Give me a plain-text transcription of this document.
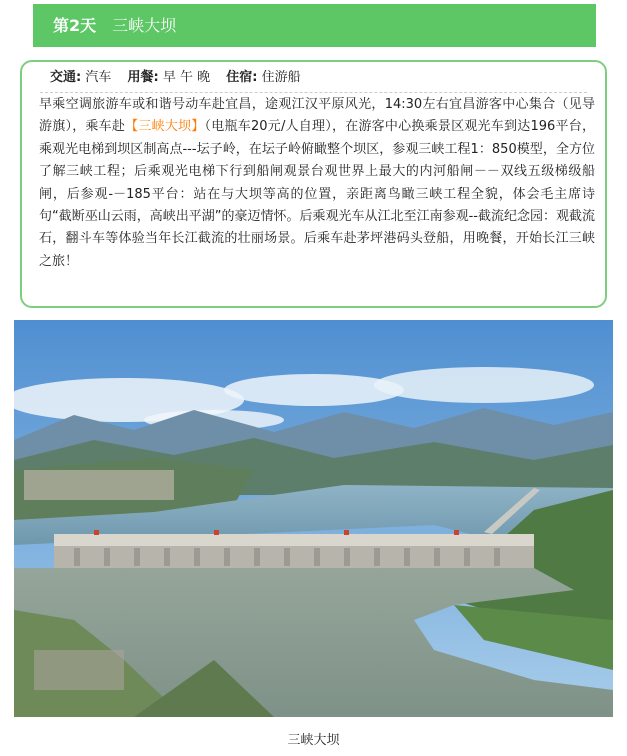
第2天 三峡大坝
交通: 汽车 用餐: 早 午 晚 住宿: 住游船
早乘空调旅游车或和谐号动车赴宜昌，途观江汉平原风光，14:30左右宜昌游客中心集合（见导游旗），乘车赴【三峡大坝】（电瓶车20元/人自理），在游客中心换乘景区观光车到达196平台，乘观光电梯到坝区制高点---坛子岭，在坛子岭俯瞰整个坝区，参观三峡工程1：850模型，全方位了解三峡工程；后乘观光电梯下行到船闸观景台观世界上最大的内河船闸－－双线五级梯级船闸，后参观-－185平台：站在与大坝等高的位置，亲距离鸟瞰三峡工程全貌，体会毛主席诗句“截断巫山云雨，高峡出平湖”的豪迈情怀。后乘观光车从江北至江南参观--截流纪念园：观截流石，翻斗车等体验当年长江截流的壮丽场景。后乘车赴茅坪港码头登船，用晚餐，开始长江三峡之旅！
三峡大坝
